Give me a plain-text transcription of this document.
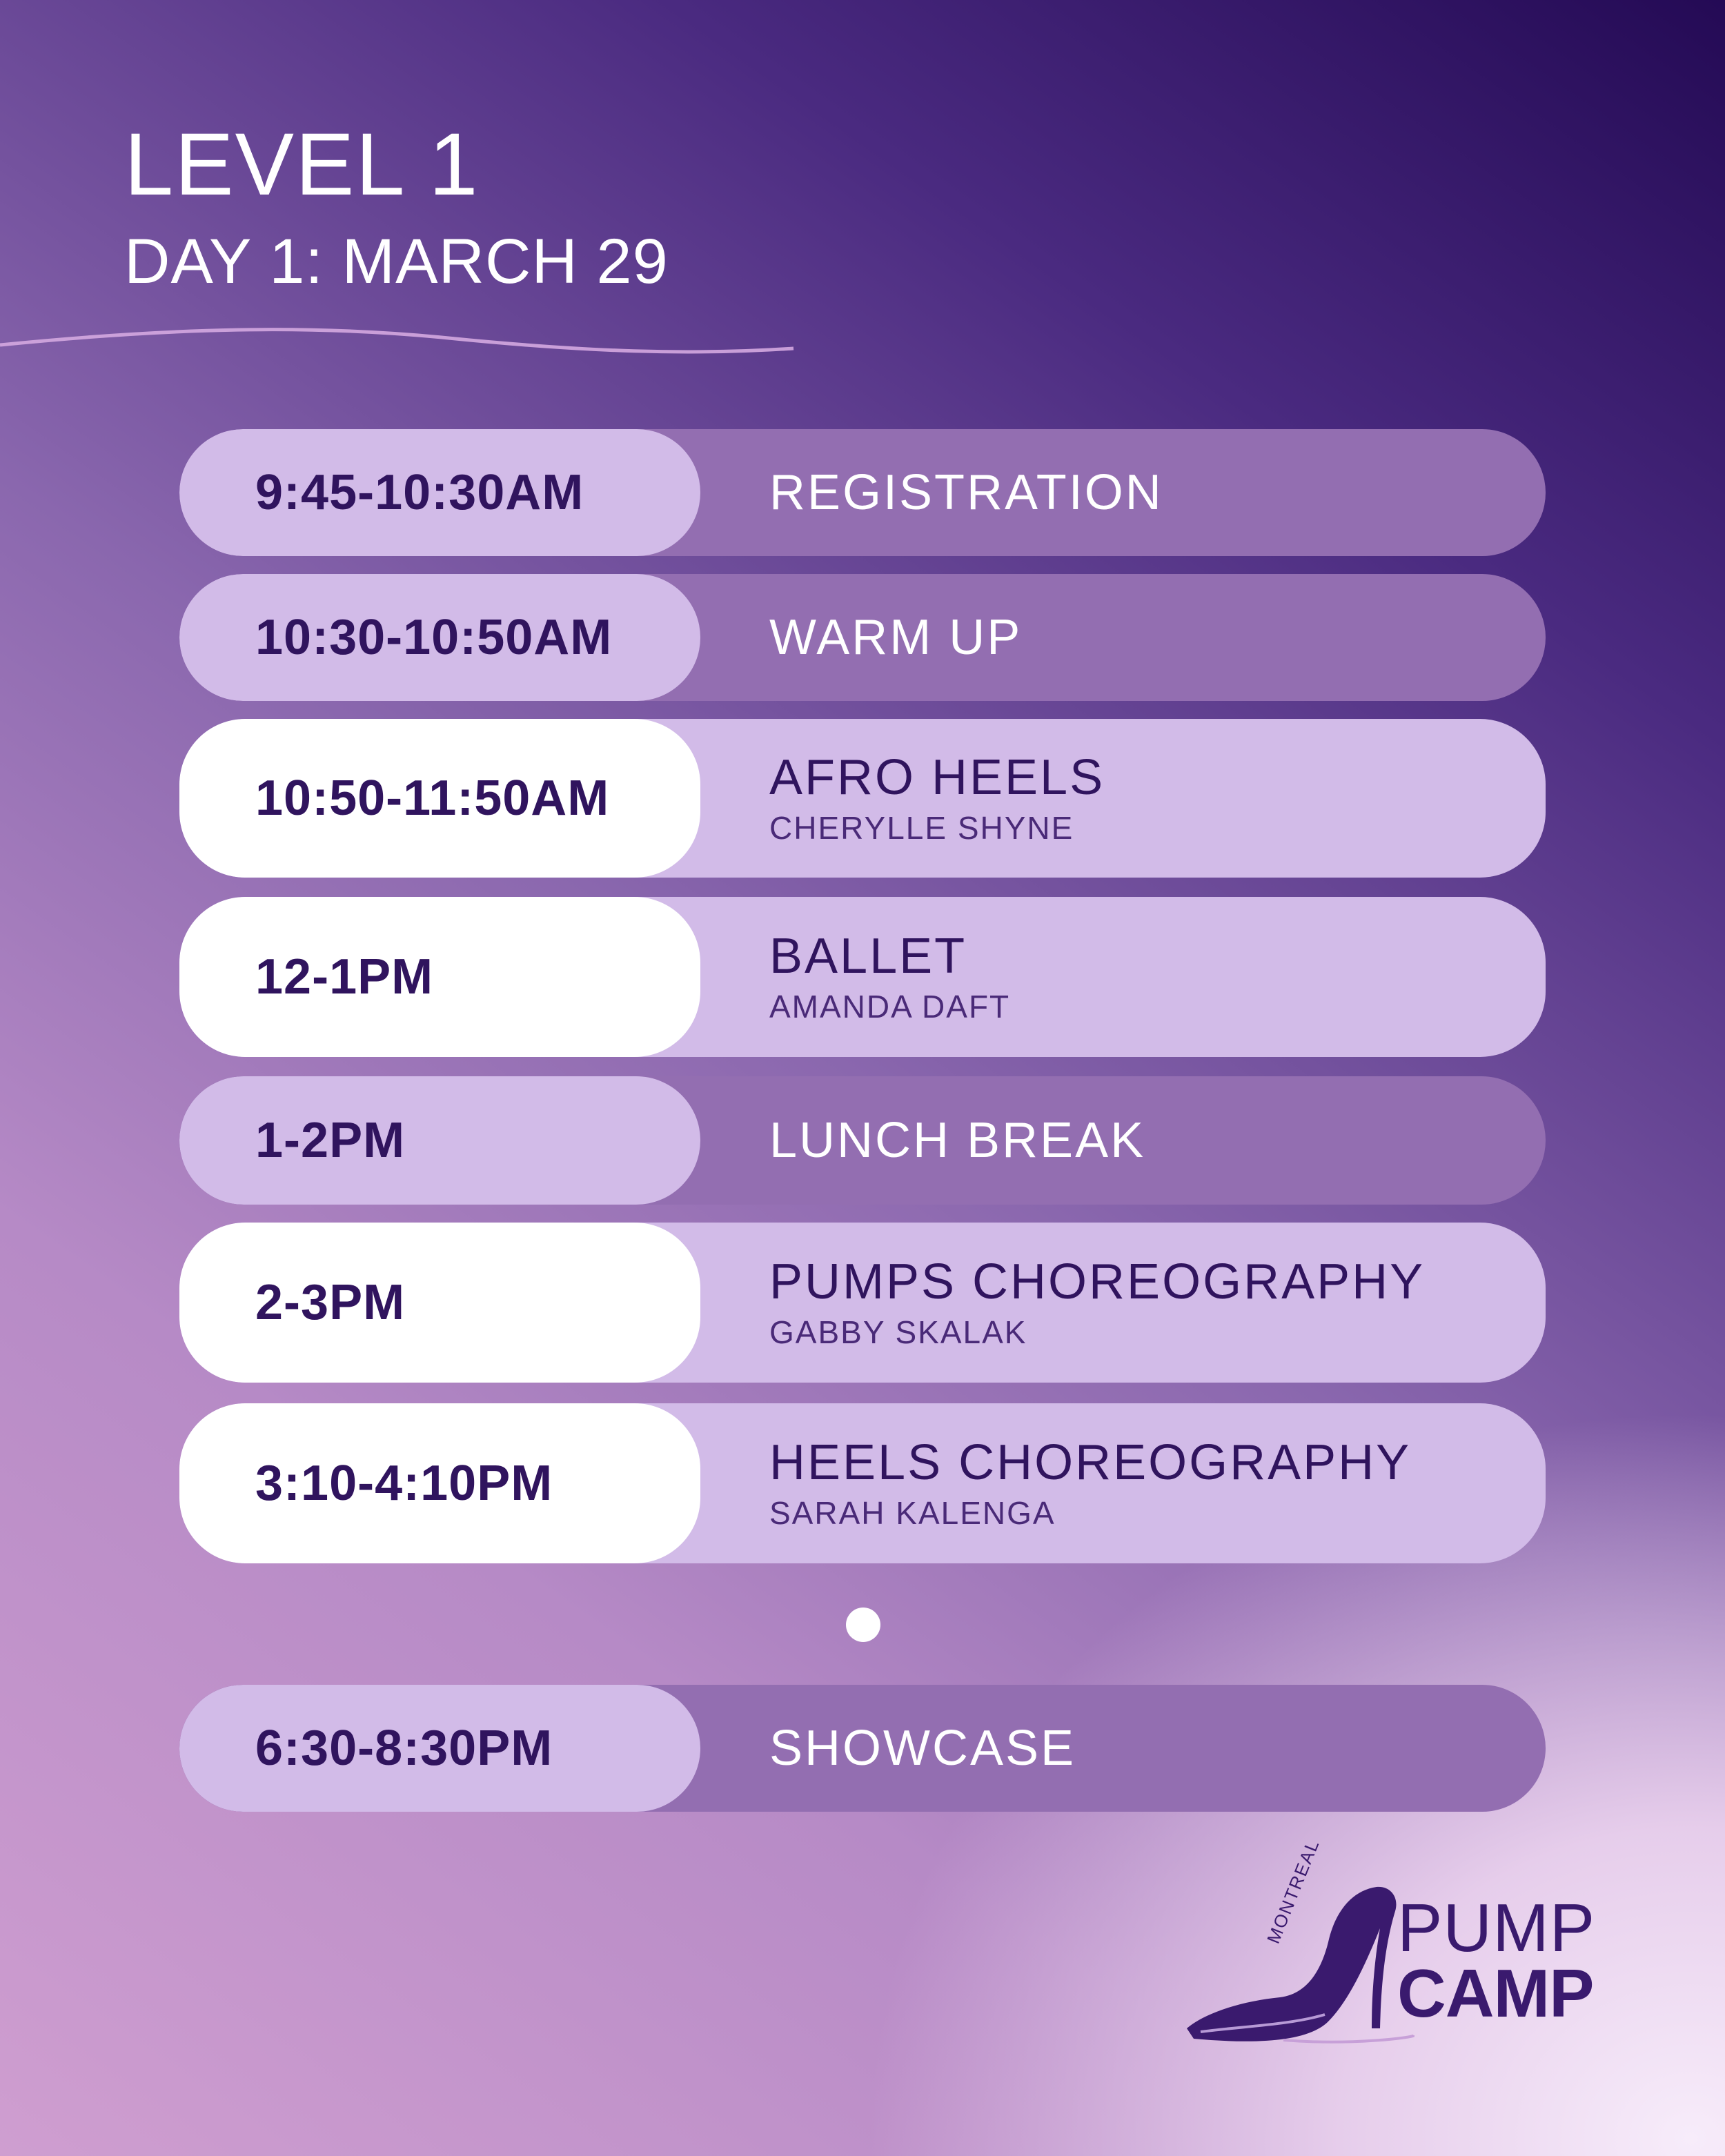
LEVEL 1
DAY 1: MARCH 29
9:45-10:30AM	REGISTRATION
10:30-10:50AM	WARM UP
10:50-11:50AM	AFRO HEELS
CHERYLLE SHYNE
12-1PM	BALLET
AMANDA DAFT
1-2PM	LUNCH BREAK
2-3PM	PUMPS CHOREOGRAPHY
GABBY SKALAK
3:10-4:10PM	HEELS CHOREOGRAPHY
SARAH KALENGA
6:30-8:30PM	SHOWCASE
MONTREAL PUMP
CAMP
